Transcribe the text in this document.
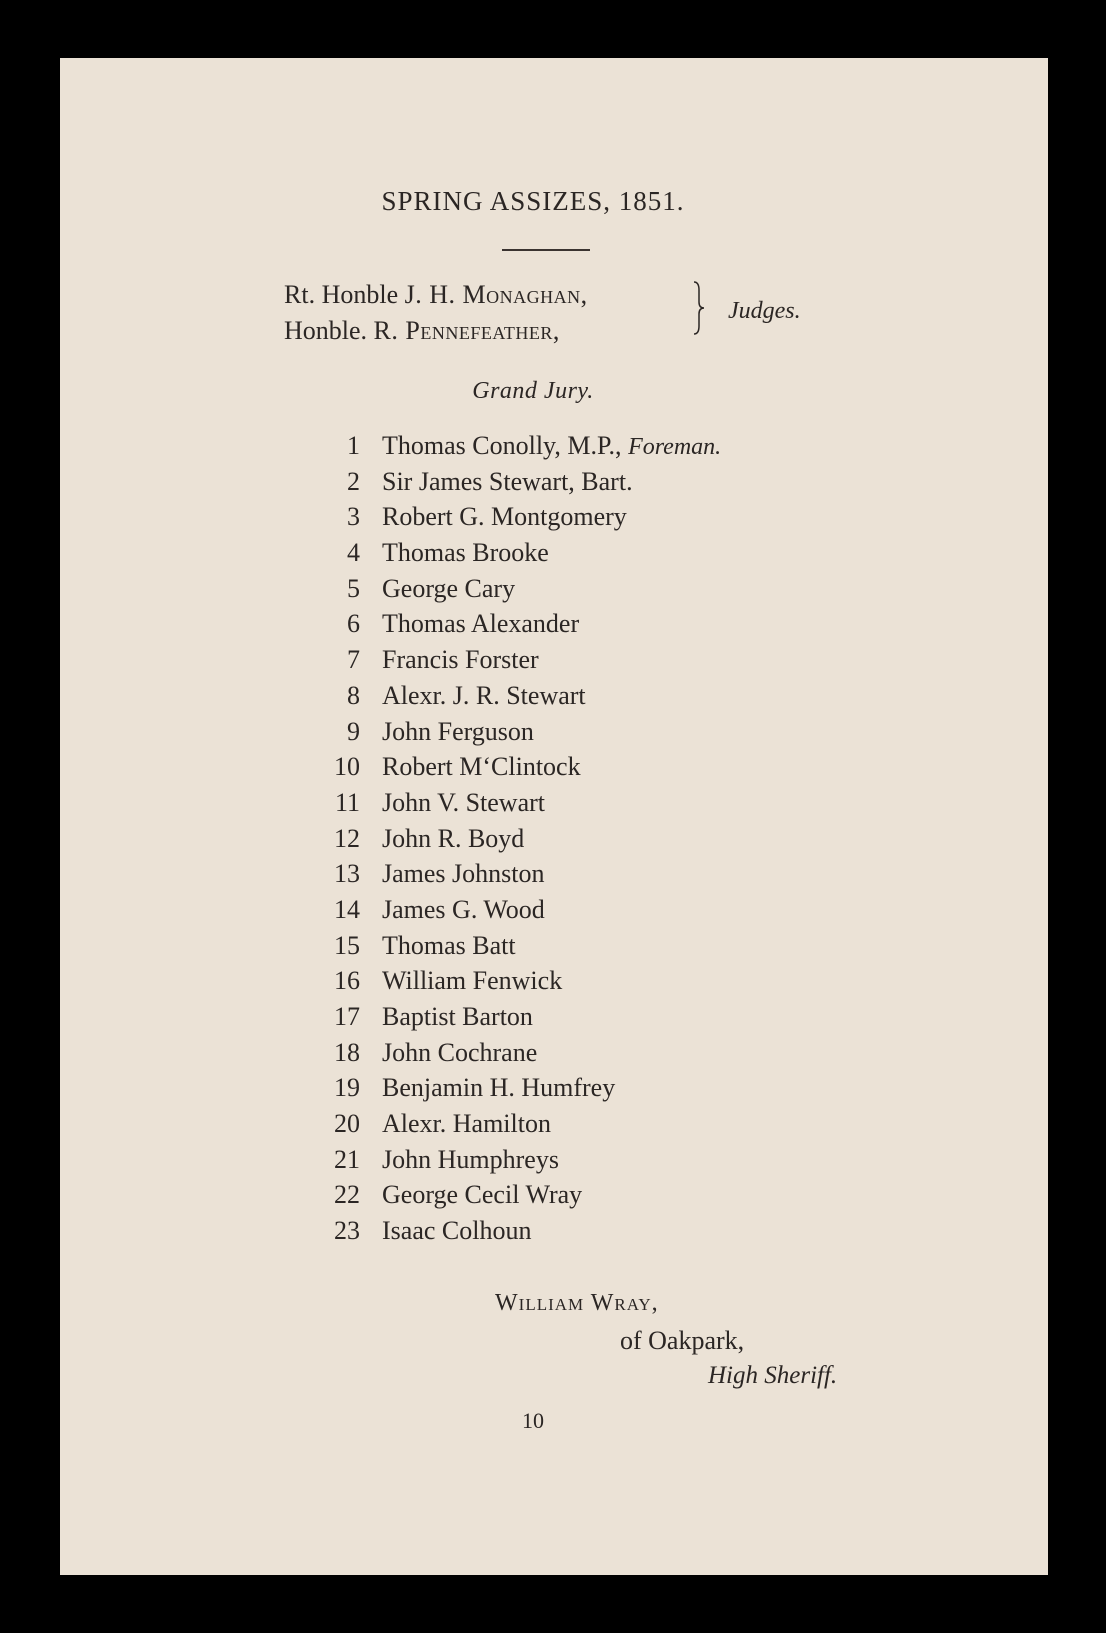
SPRING ASSIZES, 1851.
Rt. Honble J. H. Monaghan,
Honble. R. Pennefeather,
Judges.
Grand Jury.
1 Thomas Conolly, M.P., Foreman.
2 Sir James Stewart, Bart.
3 Robert G. Montgomery
4 Thomas Brooke
5 George Cary
6 Thomas Alexander
7 Francis Forster
8 Alexr. J. R. Stewart
9 John Ferguson
10 Robert M‘Clintock
11 John V. Stewart
12 John R. Boyd
13 James Johnston
14 James G. Wood
15 Thomas Batt
16 William Fenwick
17 Baptist Barton
18 John Cochrane
19 Benjamin H. Humfrey
20 Alexr. Hamilton
21 John Humphreys
22 George Cecil Wray
23 Isaac Colhoun
William Wray,
of Oakpark,
High Sheriff.
10
